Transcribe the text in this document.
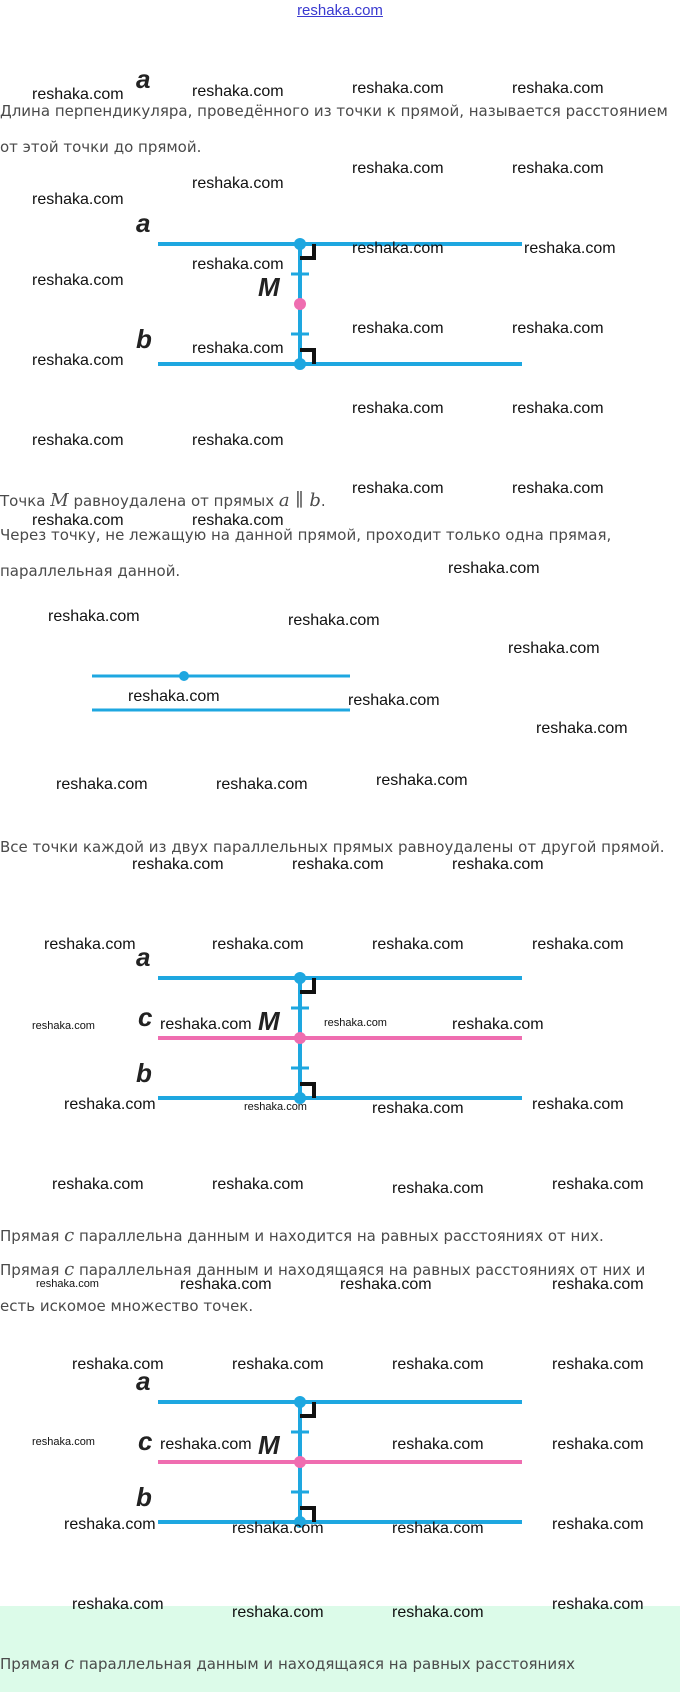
reshaka.com
a
Длина перпендикуляра, проведённого из точки к прямой, называется расстоянием от этой точки до прямой.
a
M
b
Точка M равноудалена от прямых a ∥ b.
Через точку, не лежащую на данной прямой, проходит только одна прямая, параллельная данной.
Все точки каждой из двух параллельных прямых равноудалены от другой прямой.
a
c	M
b
Прямая c параллельна данным и находится на равных расстояниях от них.
Прямая c параллельная данным и находящаяся на равных расстояниях от них и есть искомое множество точек.
a
c	M
b
Прямая c параллельная данным и находящаяся на равных расстояниях
reshaka.com	reshaka.com	reshaka.com	reshaka.com
reshaka.com	reshaka.com
reshaka.com
reshaka.com
reshaka.com	reshaka.com
reshaka.com
reshaka.com
reshaka.com	reshaka.com
reshaka.com
reshaka.com
reshaka.com	reshaka.com
reshaka.com	reshaka.com
reshaka.com	reshaka.com
reshaka.com	reshaka.com
reshaka.com
reshaka.com	reshaka.com
reshaka.com
reshaka.com	reshaka.com
reshaka.com
reshaka.com	reshaka.com	reshaka.com
reshaka.com	reshaka.com	reshaka.com
reshaka.com	reshaka.com	reshaka.com	reshaka.com
reshaka.com	reshaka.com	reshaka.com	reshaka.com
reshaka.com	reshaka.com	reshaka.com	reshaka.com
reshaka.com	reshaka.com	reshaka.com	reshaka.com
reshaka.com	reshaka.com	reshaka.com	reshaka.com
reshaka.com	reshaka.com	reshaka.com	reshaka.com
reshaka.com	reshaka.com	reshaka.com	reshaka.com
reshaka.com	reshaka.com	reshaka.com	reshaka.com
reshaka.com	reshaka.com	reshaka.com	reshaka.com
